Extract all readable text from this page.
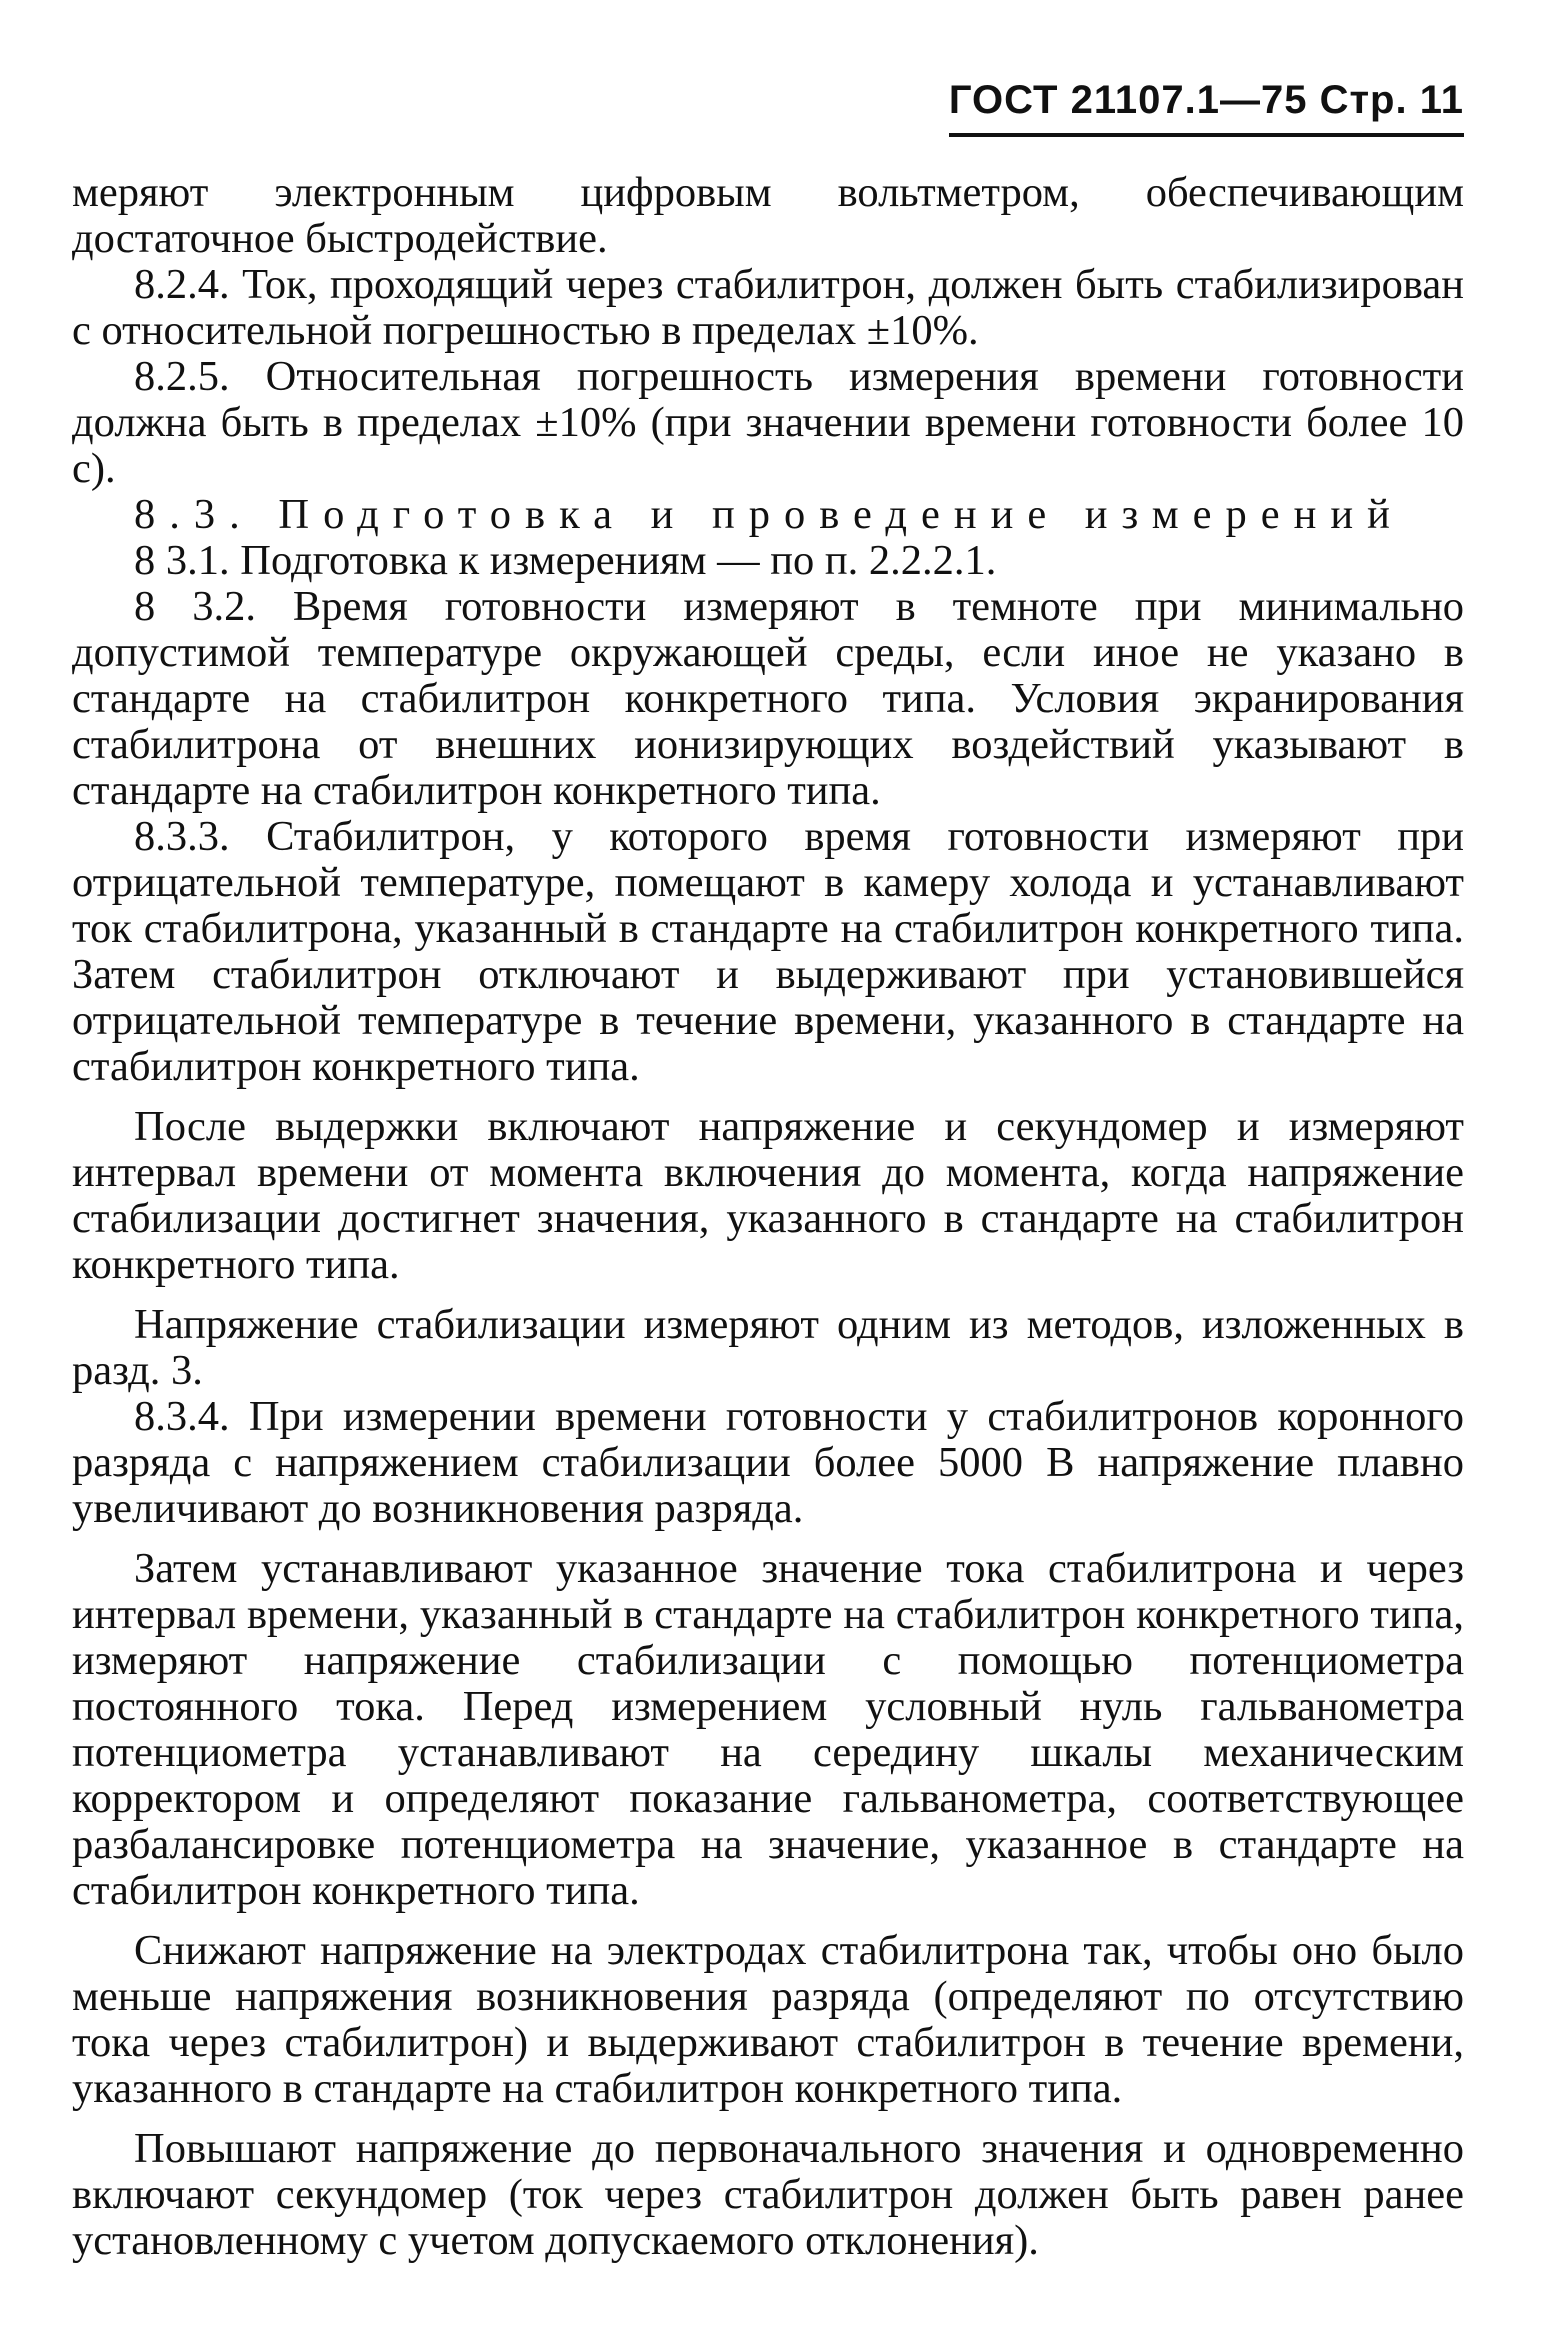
ГОСТ 21107.1—75 Стр. 11

меряют электронным цифровым вольтметром, обеспечивающим достаточное быстродействие.

8.2.4. Ток, проходящий через стабилитрон, должен быть стабилизирован с относительной погрешностью в пределах ±10%.

8.2.5. Относительная погрешность измерения времени готовности должна быть в пределах ±10% (при значении времени готовности более 10 с).

8.3. Подготовка и проведение измерений

8 3.1. Подготовка к измерениям — по п. 2.2.2.1.

8 3.2. Время готовности измеряют в темноте при минимально допустимой температуре окружающей среды, если иное не указано в стандарте на стабилитрон конкретного типа. Условия экранирования стабилитрона от внешних ионизирующих воздействий указывают в стандарте на стабилитрон конкретного типа.

8.3.3. Стабилитрон, у которого время готовности измеряют при отрицательной температуре, помещают в камеру холода и устанавливают ток стабилитрона, указанный в стандарте на стабилитрон конкретного типа. Затем стабилитрон отключают и выдерживают при установившейся отрицательной температуре в течение времени, указанного в стандарте на стабилитрон конкретного типа.

После выдержки включают напряжение и секундомер и измеряют интервал времени от момента включения до момента, когда напряжение стабилизации достигнет значения, указанного в стандарте на стабилитрон конкретного типа.

Напряжение стабилизации измеряют одним из методов, изложенных в разд. 3.

8.3.4. При измерении времени готовности у стабилитронов коронного разряда с напряжением стабилизации более 5000 В напряжение плавно увеличивают до возникновения разряда.

Затем устанавливают указанное значение тока стабилитрона и через интервал времени, указанный в стандарте на стабилитрон конкретного типа, измеряют напряжение стабилизации с помощью потенциометра постоянного тока. Перед измерением условный нуль гальванометра потенциометра устанавливают на середину шкалы механическим корректором и определяют показание гальванометра, соответствующее разбалансировке потенциометра на значение, указанное в стандарте на стабилитрон конкретного типа.

Снижают напряжение на электродах стабилитрона так, чтобы оно было меньше напряжения возникновения разряда (определяют по отсутствию тока через стабилитрон) и выдерживают стабилитрон в течение времени, указанного в стандарте на стабилитрон конкретного типа.

Повышают напряжение до первоначального значения и одновременно включают секундомер (ток через стабилитрон должен быть равен ранее установленному с учетом допускаемого отклонения).
